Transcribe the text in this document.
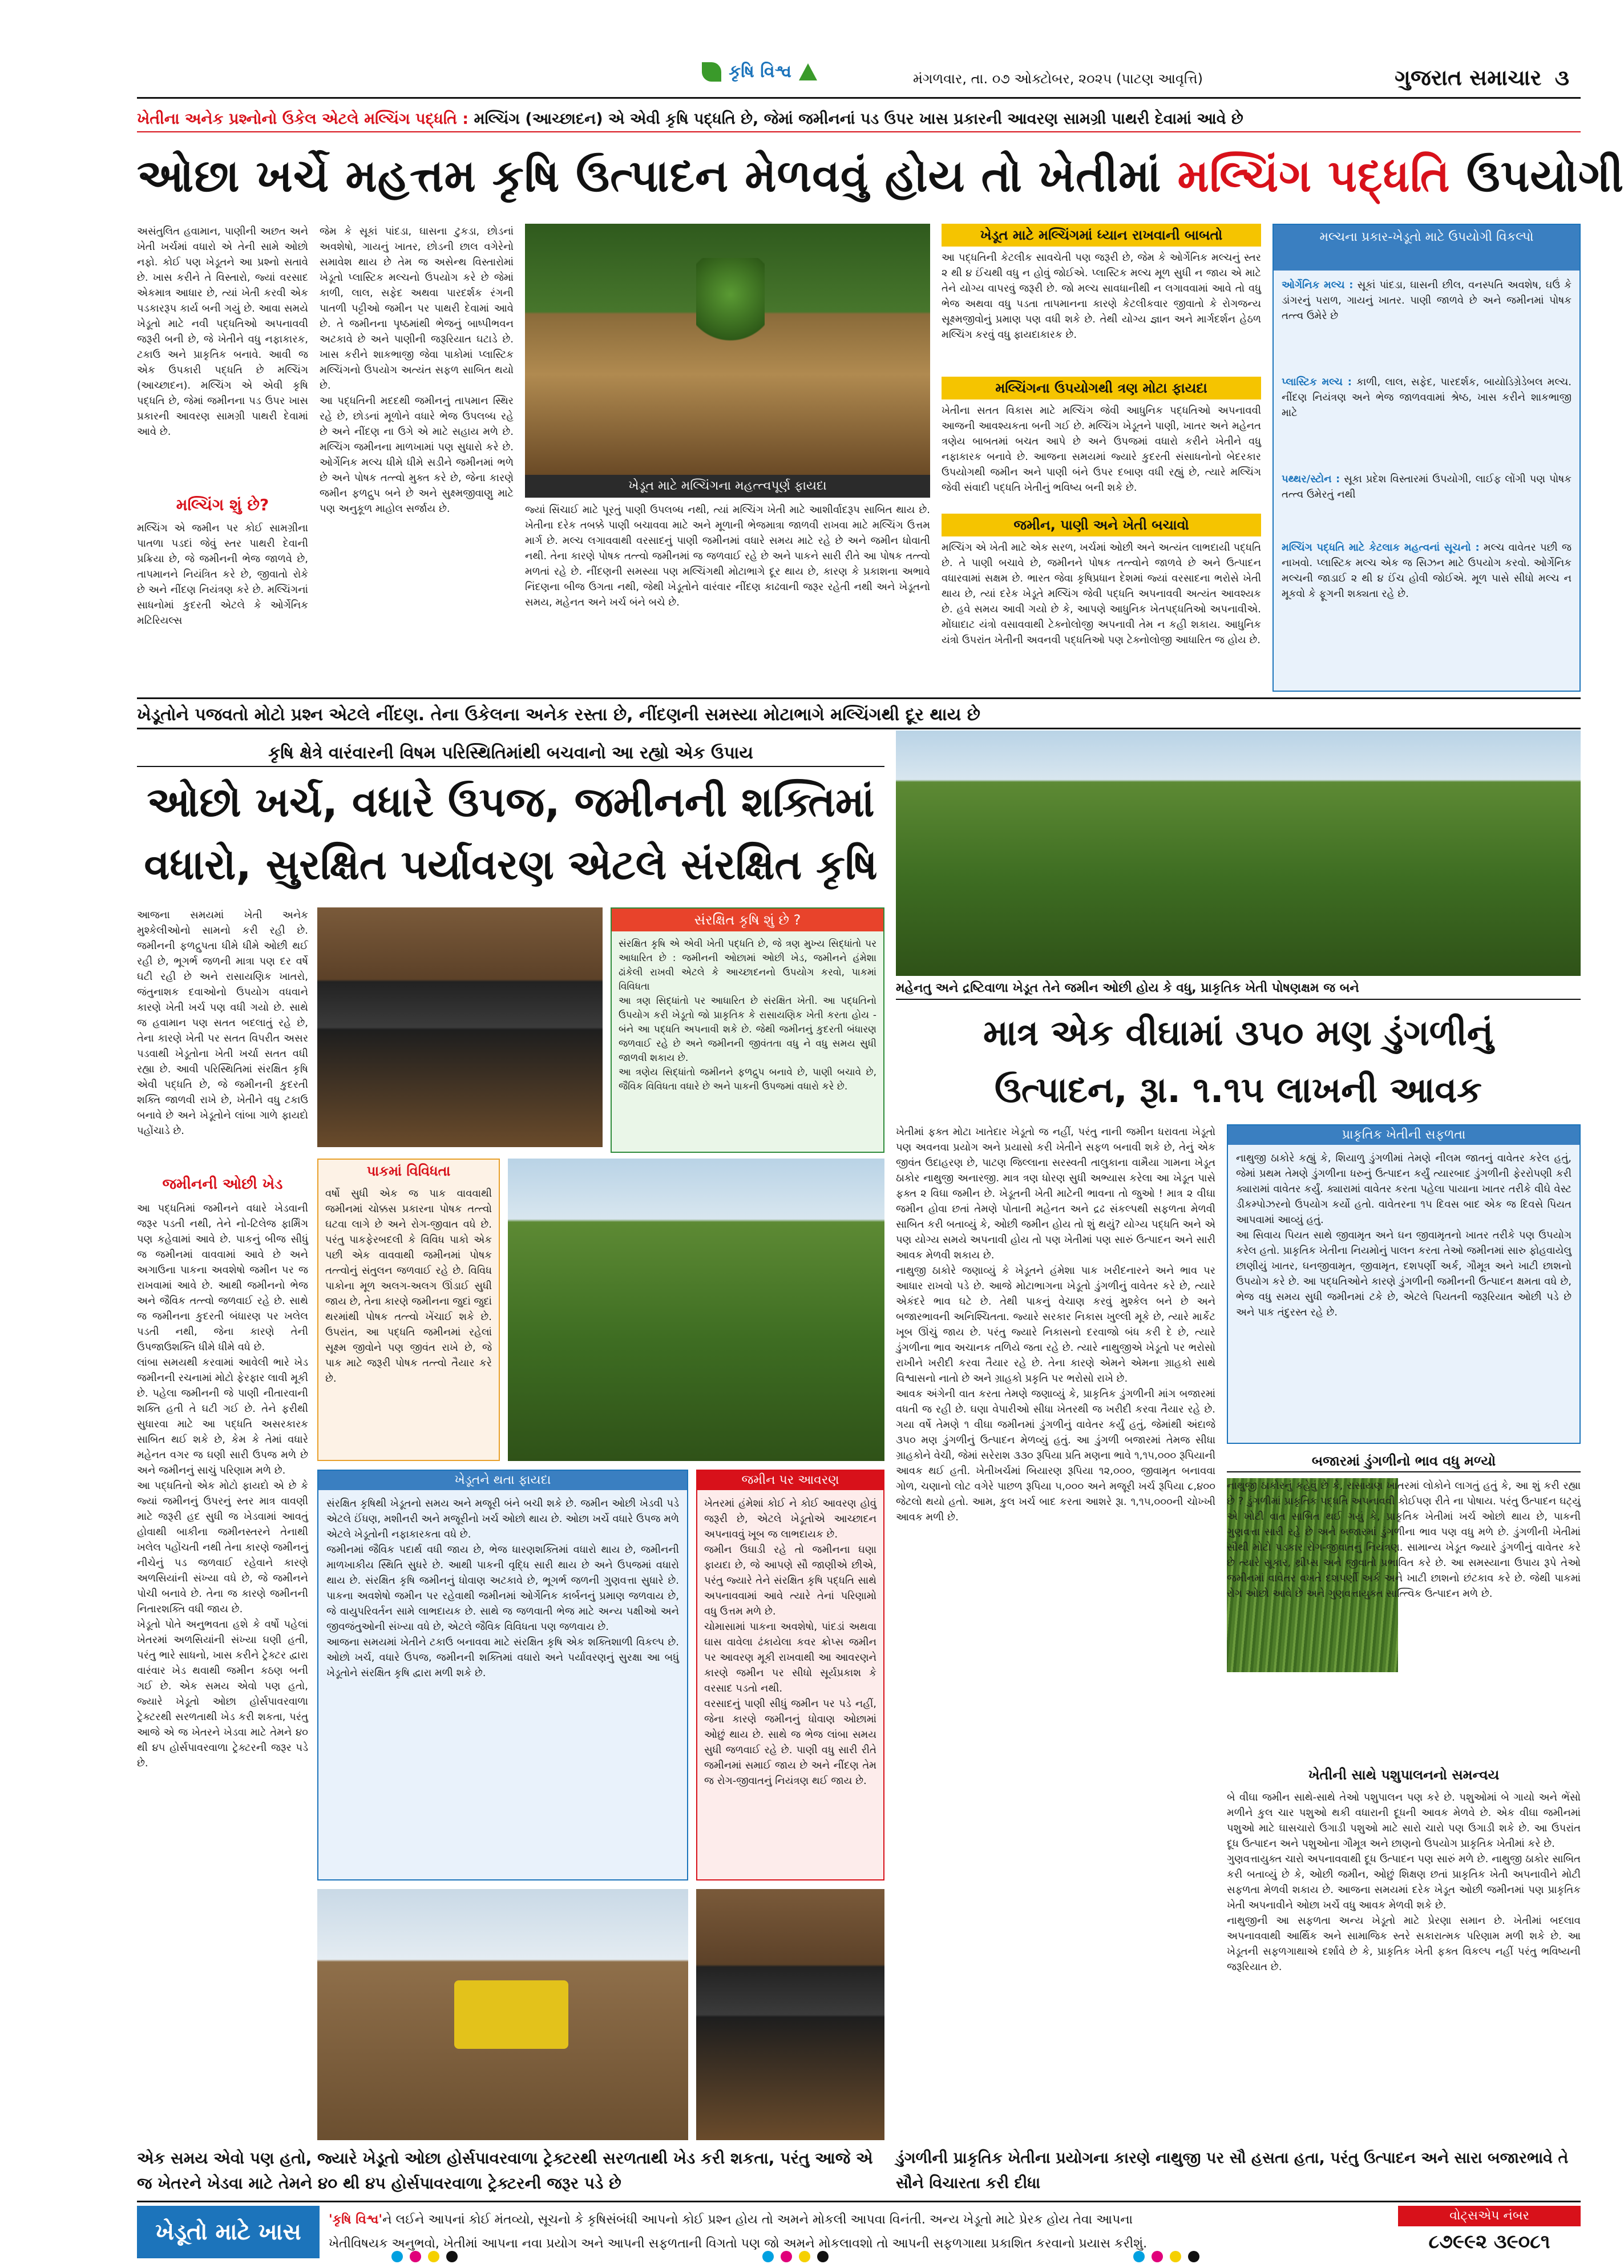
કૃષિ વિશ્વ	મંગળવાર, તા. ૦૭ ઓક્ટોબર, ૨૦૨૫ (પાટણ આવૃત્તિ)	ગુજરાત સમાચાર ૩
ખેતીના અનેક પ્રશ્નોનો ઉકેલ એટલે મલ્ચિંગ પદ્ધતિ : મલ્ચિંગ (આચ્છાદન) એ એવી કૃષિ પદ્ધતિ છે, જેમાં જમીનનાં પડ ઉપર ખાસ પ્રકારની આવરણ સામગ્રી પાથરી દેવામાં આવે છે
ઓછા ખર્ચે મહત્તમ કૃષિ ઉત્પાદન મેળવવું હોય તો ખેતીમાં મલ્ચિંગ પદ્ધતિ ઉપયોગી
અસંતુલિત હવામાન, પાણીની અછત અને ખેતી ખર્ચમાં વધારો એ તેની સામે ઓછો નફો. કોઈ પણ ખેડૂતને આ પ્રશ્નો સતાવે છે. ખાસ કરીને તે વિસ્તારો, જ્યાં વરસાદ એકમાત્ર આધાર છે, ત્યાં ખેતી કરવી એક પડકારરૂપ કાર્ય બની ગયું છે. આવા સમયે ખેડૂતો માટે નવી પદ્ધતિઓ અપનાવવી જરૂરી બની છે, જે ખેતીને વધુ નફાકારક, ટકાઉ અને પ્રાકૃતિક બનાવે. આવી જ એક ઉપકારી પદ્ધતિ છે મલ્ચિંગ (આચ્છાદન). મલ્ચિંગ એ એવી કૃષિ પદ્ધતિ છે, જેમાં જમીનના પડ ઉપર ખાસ પ્રકારની આવરણ સામગ્રી પાથરી દેવામાં આવે છે.
મલ્ચિંગ શું છે?
મલ્ચિંગ એ જમીન પર કોઈ સામગ્રીના પાતળા પડદાં જેવું સ્તર પાથરી દેવાની પ્રક્રિયા છે, જે જમીનની ભેજ જાળવે છે, તાપમાનને નિયંત્રિત કરે છે, જીવાતો રોકે છે અને નીંદણ નિયંત્રણ કરે છે. મલ્ચિંગનાં સાધનોમાં કુદરતી એટલે કે ઓર્ગેનિક મટિરિયલ્સ
જેમ કે સૂકાં પાંદડા, ઘાસના ટુકડા, છોડનાં અવશેષો, ગાયનું ખાતર, છોડની છાલ વગેરેનો સમાવેશ થાય છે તેમ જ અસેન્થ વિસ્તારોમાં ખેડૂતો પ્લાસ્ટિક મલ્ચનો ઉપયોગ કરે છે જેમાં કાળી, લાલ, સફેદ અથવા પારદર્શક રંગની પાતળી પટ્ટીઓ જમીન પર પાથરી દેવામાં આવે છે. તે જમીનના પૃષ્ઠમાંથી ભેજનું બાષ્પીભવન અટકાવે છે અને પાણીની જરૂરિયાત ઘટાડે છે. ખાસ કરીને શાકભાજી જેવા પાકોમાં પ્લાસ્ટિક મલ્ચિંગનો ઉપયોગ અત્યંત સફળ સાબિત થયો છે.
આ પદ્ધતિની મદદથી જમીનનું તાપમાન સ્થિર રહે છે, છોડનાં મૂળોને વધારે ભેજ ઉપલબ્ધ રહે છે અને નીંદણ ના ઉગે એ માટે સહાય મળે છે. મલ્ચિંગ જમીનના માળખામાં પણ સુધારો કરે છે. ઓર્ગેનિક મલ્ચ ધીમે ધીમે સડીને જમીનમાં ભળે છે અને પોષક તત્ત્વો મુક્ત કરે છે, જેના કારણે જમીન ફળદ્રુપ બને છે અને સુક્ષ્મજીવાણુ માટે પણ અનુકૂળ માહોલ સર્જાય છે.
ખેડૂત માટે મલ્ચિંગના મહત્ત્વપૂર્ણ ફાયદા
જ્યાં સિંચાઈ માટે પૂરતું પાણી ઉપલબ્ધ નથી, ત્યાં મલ્ચિંગ ખેતી માટે આશીર્વાદરૂપ સાબિત થાય છે. ખેતીના દરેક તબક્કે પાણી બચાવવા માટે અને મૂળાની ભેજમાત્રા જાળવી રાખવા માટે મલ્ચિંગ ઉત્તમ માર્ગ છે. મલ્ચ લગાવવાથી વરસાદનું પાણી જમીનમાં વધારે સમય માટે રહે છે અને જમીન ધોવાતી નથી. તેના કારણે પોષક તત્ત્વો જમીનમાં જ જળવાઈ રહે છે અને પાકને સારી રીતે આ પોષક તત્ત્વો મળતાં રહે છે. નીંદણની સમસ્યા પણ મલ્ચિંગથી મોટાભાગે દૂર થાય છે, કારણ કે પ્રકાશના અભાવે નિંદણના બીજ ઉગતા નથી, જેથી ખેડૂતોને વારંવાર નીંદણ કાઢવાની જરૂર રહેતી નથી અને ખેડૂતનો સમય, મહેનત અને ખર્ચ બંને બચે છે.
ખેડૂત માટે મલ્ચિંગમાં ધ્યાન રાખવાની બાબતો
આ પદ્ધતિની કેટલીક સાવચેતી પણ જરૂરી છે, જેમ કે ઓર્ગેનિક મલ્ચનું સ્તર ૨ થી ૪ ઈંચથી વધુ ન હોવું જોઈએ. પ્લાસ્ટિક મલ્ચ મૂળ સુધી ન જાય એ માટે તેને યોગ્ય વાપરવું જરૂરી છે. જો મલ્ચ સાવધાનીથી ન લગાવવામાં આવે તો વધુ ભેજ અથવા વધુ પડતા તાપમાનના કારણે કેટલીકવાર જીવાતો કે રોગજન્ય સૂક્ષ્મજીવોનું પ્રમાણ પણ વધી શકે છે. તેથી યોગ્ય જ્ઞાન અને માર્ગદર્શન હેઠળ મલ્ચિંગ કરવું વધુ ફાયદાકારક છે.
મલ્ચિંગના ઉપયોગથી ત્રણ મોટા ફાયદા
ખેતીના સતત વિકાસ માટે મલ્ચિંગ જેવી આધુનિક પદ્ધતિઓ અપનાવવી આજની આવશ્યકતા બની ગઈ છે. મલ્ચિંગ ખેડૂતને પાણી, ખાતર અને મહેનત ત્રણેય બાબતમાં બચત આપે છે અને ઉપજમાં વધારો કરીને ખેતીને વધુ નફાકારક બનાવે છે. આજના સમયમાં જ્યારે કુદરતી સંસાધનોનો બેદરકાર ઉપયોગથી જમીન અને પાણી બંને ઉપર દબાણ વધી રહ્યું છે, ત્યારે મલ્ચિંગ જેવી સંવાદી પદ્ધતિ ખેતીનું ભવિષ્ય બની શકે છે.
જમીન, પાણી અને ખેતી બચાવો
મલ્ચિંગ એ ખેતી માટે એક સરળ, ખર્ચમાં ઓછી અને અત્યંત લાભદાયી પદ્ધતિ છે. તે પાણી બચાવે છે, જમીનને પોષક તત્ત્વોને જાળવે છે અને ઉત્પાદન વધારવામાં સક્ષમ છે. ભારત જેવા કૃષિપ્રધાન દેશમાં જ્યાં વરસાદના ભરોસે ખેતી થાય છે, ત્યાં દરેક ખેડૂતે મલ્ચિંગ જેવી પદ્ધતિ અપનાવવી અત્યંત આવશ્યક છે. હવે સમય આવી ગયો છે કે, આપણે આધુનિક ખેતપદ્ધતિઓ અપનાવીએ. મોંઘાદાટ યંત્રો વસાવવાથી ટેક્નોલોજી અપનાવી તેમ ન કહી શકાય. આધુનિક યંત્રો ઉપરાંત ખેતીની અવનવી પદ્ધતિઓ પણ ટેક્નોલોજી આધારિત જ હોય છે.
મલ્ચના પ્રકાર-ખેડૂતો માટે ઉપયોગી વિકલ્પો
ઓર્ગેનિક મલ્ચ : સૂકાં પાંદડા, ઘાસની છીલ, વનસ્પતિ અવશેષ, ઘઉં કે ડાંગરનું પરાળ, ગાયનું ખાતર. પાણી જાળવે છે અને જમીનમાં પોષક તત્ત્વ ઉમેરે છે
પ્લાસ્ટિક મલ્ચ : કાળી, લાલ, સફેદ, પારદર્શક, બાયોડિગ્રેડેબલ મલ્ચ. નીંદણ નિયંત્રણ અને ભેજ જાળવવામાં શ્રેષ્ઠ, ખાસ કરીને શાકભાજી માટે
પથ્થર/સ્ટોન : સૂકા પ્રદેશ વિસ્તારમાં ઉપયોગી, લાઈફ લોંગી પણ પોષક તત્ત્વ ઉમેરતું નથી
મલ્ચિંગ પદ્ધતિ માટે કેટલાક મહત્વનાં સૂચનો : મલ્ચ વાવેતર પછી જ નાખવો. પ્લાસ્ટિક મલ્ચ એક જ સિઝન માટે ઉપયોગ કરવો. ઓર્ગેનિક મલ્ચની જાડાઈ ૨ થી ૪ ઈંચ હોવી જોઈએ. મૂળ પાસે સીધો મલ્ચ ન મૂકવો કે ફૂગની શક્યતા રહે છે.
ખેડૂતોને પજવતો મોટો પ્રશ્ન એટલે નીંદણ. તેના ઉકેલના અનેક રસ્તા છે, નીંદણની સમસ્યા મોટાભાગે મલ્ચિંગથી દૂર થાય છે
કૃષિ ક્ષેત્રે વારંવારની વિષમ પરિસ્થિતિમાંથી બચવાનો આ રહ્યો એક ઉપાય
ઓછો ખર્ચ, વધારે ઉપજ, જમીનની શક્તિમાં
વધારો, સુરક્ષિત પર્યાવરણ એટલે સંરક્ષિત કૃષિ
આજના સમયમાં ખેતી અનેક મુશ્કેલીઓનો સામનો કરી રહી છે. જમીનની ફળદ્રુપતા ધીમે ધીમે ઓછી થઈ રહી છે, ભૂગર્ભ જળની માત્રા પણ દર વર્ષે ઘટી રહી છે અને રાસાયણિક ખાતરો, જંતુનાશક દવાઓનો ઉપયોગ વધવાને કારણે ખેતી ખર્ચ પણ વધી ગયો છે. સાથે જ હવામાન પણ સતત બદલાતું રહે છે, તેના કારણે ખેતી પર સતત વિપરીત અસર પડવાથી ખેડૂતોના ખેતી ખર્ચા સતત વધી રહ્યા છે. આવી પરિસ્થિતિમાં સંરક્ષિત કૃષિ એવી પદ્ધતિ છે, જે જમીનની કુદરતી શક્તિ જાળવી રાખે છે, ખેતીને વધુ ટકાઉ બનાવે છે અને ખેડૂતોને લાંબા ગાળે ફાયદો પહોંચાડે છે.
જમીનની ઓછી ખેડ
આ પદ્ધતિમાં જમીનને વધારે ખેડવાની જરૂર પડતી નથી, તેને નો-ટિલેજ ફાર્મિંગ પણ કહેવામાં આવે છે. પાકનું બીજ સીધું જ જમીનમાં વાવવામાં આવે છે અને અગાઉના પાકના અવશેષો જમીન પર જ રાખવામાં આવે છે. આથી જમીનનો ભેજ અને જૈવિક તત્ત્વો જળવાઈ રહે છે. સાથે જ જમીનના કુદરતી બંધારણ પર ખલેલ પડતી નથી, જેના કારણે તેની ઉપજાઉશક્તિ ધીમે ધીમે વધે છે.
લાંબા સમયથી કરવામાં આવેલી ભારે ખેડ જમીનની રચનામાં મોટો ફેરફાર લાવી મૂકી છે. પહેલા જમીનની જે પાણી નીતારવાની શક્તિ હતી તે ઘટી ગઈ છે. તેને ફરીથી સુધારવા માટે આ પદ્ધતિ અસરકારક સાબિત થઈ શકે છે, કેમ કે તેમાં વધારે મહેનત વગર જ ઘણી સારી ઉપજ મળે છે અને જમીનનું સાચું પરિણામ મળે છે.
આ પદ્ધતિનો એક મોટો ફાયદો એ છે કે જ્યાં જમીનનું ઉપરનું સ્તર માત્ર વાવણી માટે જરૂરી હદ સુધી જ ખેડવામાં આવતું હોવાથી બાકીના જમીનસ્તરને તેનાથી ખલેલ પહોંચતી નથી તેના કારણે જમીનનું નીચેનું પડ જળવાઈ રહેવાને કારણે અળસિયાંની સંખ્યા વધે છે, જે જમીનને પોચી બનાવે છે. તેના જ કારણે જમીનની નિતારશક્તિ વધી જાય છે.
ખેડૂતો પોતે અનુભવતા હશે કે વર્ષો પહેલાં ખેતરમાં અળસિયાંની સંખ્યા ઘણી હતી, પરંતુ ભારે સાધનો, ખાસ કરીને ટ્રેક્ટર દ્વારા વારંવાર ખેડ થવાથી જમીન કઠણ બની ગઈ છે. એક સમય એવો પણ હતો, જ્યારે ખેડૂતો ઓછા હોર્સપાવરવાળા ટ્રેક્ટરથી સરળતાથી ખેડ કરી શકતા, પરંતુ આજે એ જ ખેતરને ખેડવા માટે તેમને ૪૦ થી ૪૫ હોર્સપાવરવાળા ટ્રેક્ટરની જરૂર પડે છે.
સંરક્ષિત કૃષિ શું છે ?
સંરક્ષિત કૃષિ એ એવી ખેતી પદ્ધતિ છે, જે ત્રણ મુખ્ય સિદ્ધાંતો પર આધારિત છે : જમીનની ઓછામાં ઓછી ખેડ, જમીનને હંમેશા ઢાંકેલી રાખવી એટલે કે આચ્છાદનનો ઉપયોગ કરવો, પાકમાં વિવિધતા
આ ત્રણ સિદ્ધાંતો પર આધારિત છે સંરક્ષિત ખેતી. આ પદ્ધતિનો ઉપયોગ કરી ખેડૂતો જો પ્રાકૃતિક કે રાસાયણિક ખેતી કરતા હોય - બંને આ પદ્ધતિ અપનાવી શકે છે. જેથી જમીનનું કુદરતી બંધારણ જળવાઈ રહે છે અને જમીનની જીવંતતા વધુ ને વધુ સમય સુધી જાળવી શકાય છે.
આ ત્રણેય સિદ્ધાંતો જમીનને ફળદ્રુપ બનાવે છે, પાણી બચાવે છે, જૈવિક વિવિધતા વધારે છે અને પાકની ઉપજમાં વધારો કરે છે.
પાકમાં વિવિધતા
વર્ષો સુધી એક જ પાક વાવવાથી જમીનમાં ચોક્કસ પ્રકારના પોષક તત્ત્વો ઘટવા લાગે છે અને રોગ-જીવાત વધે છે. પરંતુ પાકફેરબદલી કે વિવિધ પાકો એક પછી એક વાવવાથી જમીનમાં પોષક તત્ત્વોનું સંતુલન જળવાઈ રહે છે. વિવિધ પાકોના મૂળ અલગ-અલગ ઊંડાઈ સુધી જાય છે, તેના કારણે જમીનના જુદાં જુદાં થરમાંથી પોષક તત્ત્વો ખેંચાઈ શકે છે. ઉપરાંત, આ પદ્ધતિ જમીનમાં રહેલાં સૂક્ષ્મ જીવોને પણ જીવંત રાખે છે, જે પાક માટે જરૂરી પોષક તત્ત્વો તૈયાર કરે છે.
ખેડૂતને થતા ફાયદા
સંરક્ષિત કૃષિથી ખેડૂતનો સમય અને મજૂરી બંને બચી શકે છે. જમીન ઓછી ખેડવી પડે એટલે ઈંધણ, મશીનરી અને મજૂરીનો ખર્ચ ઓછો થાય છે. ઓછા ખર્ચે વધારે ઉપજ મળે એટલે ખેડૂતોની નફાકારકતા વધે છે.
જમીનમાં જૈવિક પદાર્થ વધી જાય છે, ભેજ ધારણશક્તિમાં વધારો થાય છે, જમીનની માળખાકીય સ્થિતિ સુધરે છે. આથી પાકની વૃદ્ધિ સારી થાય છે અને ઉપજમાં વધારો થાય છે. સંરક્ષિત કૃષિ જમીનનું ધોવાણ અટકાવે છે, ભૂગર્ભ જળની ગુણવત્તા સુધારે છે. પાકના અવશેષો જમીન પર રહેવાથી જમીનમાં ઓર્ગેનિક કાર્બનનું પ્રમાણ જળવાય છે, જે વાયુપરિવર્તન સામે લાભદાયક છે. સાથે જ જળવાતી ભેજ માટે અન્ય પક્ષીઓ અને જીવજંતુઓની સંખ્યા વધે છે, એટલે જૈવિક વિવિધતા પણ જળવાય છે.
આજના સમયમાં ખેતીને ટકાઉ બનાવવા માટે સંરક્ષિત કૃષિ એક શક્તિશાળી વિકલ્પ છે. ઓછો ખર્ચ, વધારે ઉપજ, જમીનની શક્તિમાં વધારો અને પર્યાવરણનું સુરક્ષા આ બધું ખેડૂતોને સંરક્ષિત કૃષિ દ્વારા મળી શકે છે.
જમીન પર આવરણ
ખેતરમાં હંમેશાં કોઈ ને કોઈ આવરણ હોવું જરૂરી છે, એટલે ખેડૂતોએ આચ્છાદન અપનાવવું ખૂબ જ લાભદાયક છે.
જમીન ઉઘાડી રહે તો જમીનના ઘણા ફાયદા છે, જે આપણે સૌ જાણીએ છીએ, પરંતુ જ્યારે તેને સંરક્ષિત કૃષિ પદ્ધતિ સાથે અપનાવવામાં આવે ત્યારે તેનાં પરિણામો વધુ ઉત્તમ મળે છે.
ચોમાસામાં પાકના અવશેષો, પાંદડાં અથવા ઘાસ વાવેલા ઢંકાયેલા કવર ક્રોપ્સ જમીન પર આવરણ મૂકી રાખવાથી આ આવરણને કારણે જમીન પર સીધો સૂર્યપ્રકાશ કે વરસાદ પડતો નથી.
વરસાદનું પાણી સીધું જમીન પર પડે નહીં, જેના કારણે જમીનનું ધોવાણ ઓછામાં ઓછું થાય છે. સાથે જ ભેજ લાંબા સમય સુધી જળવાઈ રહે છે. પાણી વધુ સારી રીતે જમીનમાં સમાઈ જાય છે અને નીંદણ તેમ જ રોગ-જીવાતનું નિયંત્રણ થઈ જાય છે.
એક સમય એવો પણ હતો, જ્યારે ખેડૂતો ઓછા હોર્સપાવરવાળા ટ્રેક્ટરથી સરળતાથી ખેડ કરી શકતા, પરંતુ આજે એ જ ખેતરને ખેડવા માટે તેમને ૪૦ થી ૪૫ હોર્સપાવરવાળા ટ્રેક્ટરની જરૂર પડે છે
મહેનતુ અને દ્રષ્ટિવાળા ખેડૂત તેને જમીન ઓછી હોય કે વધુ, પ્રાકૃતિક ખેતી પોષણક્ષમ જ બને
માત્ર એક વીઘામાં ૩૫૦ મણ ડુંગળીનું
ઉત્પાદન, રૂા. ૧.૧૫ લાખની આવક
ખેતીમાં ફક્ત મોટા ખાતેદાર ખેડૂતો જ નહીં, પરંતુ નાની જમીન ધરાવતા ખેડૂતો પણ અવનવા પ્રયોગ અને પ્રયાસો કરી ખેતીને સફળ બનાવી શકે છે, તેનું એક જીવંત ઉદાહરણ છે, પાટણ જિલ્લાના સરસ્વતી તાલુકાના વામૈયા ગામના ખેડૂત ઠાકોર નાથુજી અનારજી. માત્ર ત્રણ ધોરણ સુધી અભ્યાસ કરેલા આ ખેડૂત પાસે ફક્ત ૨ વિઘા જમીન છે. ખેડૂતની ખેતી માટેની ભાવના તો જુઓ ! માત્ર ૨ વીઘા જમીન હોવા છતાં તેમણે પોતાની મહેનત અને દ્રઢ સંકલ્પથી સફળતા મેળવી સાબિત કરી બતાવ્યું કે, ઓછી જમીન હોય તો શું થયું? યોગ્ય પદ્ધતિ અને એ પણ યોગ્ય સમયે અપનાવી હોય તો પણ ખેતીમાં પણ સારું ઉત્પાદન અને સારી આવક મેળવી શકાય છે.
નાથુજી ઠાકોરે જણાવ્યું કે ખેડૂતને હંમેશા પાક ખરીદનારને અને ભાવ પર આધાર રાખવો પડે છે. આજે મોટાભાગના ખેડૂતો ડુંગળીનું વાવેતર કરે છે, ત્યારે એકંદરે ભાવ ઘટે છે. તેથી પાકનું વેચાણ કરવું મુશ્કેલ બને છે અને બજારભાવની અનિશ્ચિતતા. જ્યારે સરકાર નિકાસ ખુલ્લી મૂકે છે, ત્યારે માર્કેટ ખૂબ ઊંચું જાય છે. પરંતુ જ્યારે નિકાસનો દરવાજો બંધ કરી દે છે, ત્યારે ડુંગળીના ભાવ અચાનક તળિયે જતા રહે છે. ત્યારે નાથુજીએ ખેડૂતો પર ભરોસો રાખીને ખરીદી કરવા તૈયાર રહે છે. તેના કારણે એમને એમના ગ્રાહકો સાથે વિશ્વાસનો નાતો છે અને ગ્રાહકો પ્રકૃતિ પર ભરોસો રાખે છે.
આવક અંગેની વાત કરતા તેમણે જણાવ્યું કે, પ્રાકૃતિક ડુંગળીની માંગ બજારમાં વધતી જ રહી છે. ઘણા વેપારીઓ સીધા ખેતરથી જ ખરીદી કરવા તૈયાર રહે છે. ગયા વર્ષે તેમણે ૧ વીઘા જમીનમાં ડુંગળીનું વાવેતર કર્યું હતું, જેમાંથી અંદાજે ૩૫૦ મણ ડુંગળીનું ઉત્પાદન મેળવ્યું હતું. આ ડુંગળી બજારમાં તેમજ સીધા ગ્રાહકોને વેચી, જેમાં સરેરાશ ૩૩૦ રૂપિયા પ્રતિ મણના ભાવે ૧,૧૫,૦૦૦ રૂપિયાની આવક થઈ હતી. ખેતીખર્ચમાં બિયારણ રૂપિયા ૧૨,૦૦૦, જીવામૃત બનાવવા ગોળ, ચણાનો લોટ વગેરે પાછળ રૂપિયા ૫,૦૦૦ અને મજૂરી ખર્ચ રૂપિયા ૮,૪૦૦ જેટલો થયો હતો. આમ, કુલ ખર્ચ બાદ કરતા આશરે રૂા. ૧,૧૫,૦૦૦ની ચોખ્ખી આવક મળી છે.
પ્રાકૃતિક ખેતીની સફળતા
નાથુજી ઠાકોરે કહ્યું કે, શિયાળુ ડુંગળીમાં તેમણે નીલમ જાતનું વાવેતર કરેલ હતું, જેમાં પ્રથમ તેમણે ડુંગળીના ધરુનું ઉત્પાદન કર્યું ત્યારબાદ ડુંગળીની ફેરરોપણી કરી ક્યારામાં વાવેતર કર્યું. ક્યારામાં વાવેતર કરતા પહેલા પાયાના ખાતર તરીકે વીઘે વેસ્ટ ડીકમ્પોઝરનો ઉપયોગ કર્યો હતો. વાવેતરના ૧૫ દિવસ બાદ એક જ દિવસે પિયત આપવામાં આવ્યું હતું.
આ સિવાય પિયત સાથે જીવામૃત અને ઘન જીવામૃતનો ખાતર તરીકે પણ ઉપયોગ કરેલ હતો. પ્રાકૃતિક ખેતીના નિયમોનું પાલન કરતા તેઓ જમીનમાં સારુ ફોહવાયેલુ છાણીયું ખાતર, ઘનજીવામૃત, જીવામૃત, દશપર્ણી અર્ક, ગૌમૂત્ર અને ખાટી છાશનો ઉપયોગ કરે છે. આ પદ્ધતિઓને કારણે ડુંગળીની જમીનની ઉત્પાદન ક્ષમતા વધે છે, ભેજ વધુ સમય સુધી જમીનમાં ટકે છે, એટલે પિયતની જરૂરિયાત ઓછી પડે છે અને પાક તંદુરસ્ત રહે છે.
બજારમાં ડુંગળીનો ભાવ વધુ મળ્યો
નાથુજી ઠાકોરનું કહેવું છે કે, રાસાયણ ખાતરમાં લોકોને લાગતું હતું કે, આ શું કરી રહ્યા છે ? ડુંગળીમાં પ્રાકૃતિક પદ્ધતિ અપનાવવી કોઈપણ રીતે ના પોષાય. પરંતુ ઉત્પાદન ઘટ્યું એ ખોટી વાત સાબિત થઈ ગયું કે, પ્રાકૃતિક ખેતીમાં ખર્ચ ઓછો થાય છે, પાકની ગુણવત્તા સારી રહે છે અને બજારમાં ડુંગળીના ભાવ પણ વધુ મળે છે. ડુંગળીની ખેતીમાં સૌથી મોટો પડકાર રોગ-જીવાતનું નિયંત્રણ. સામાન્ય ખેડૂત જ્યારે ડુંગળીનું વાવેતર કરે છે ત્યારે સૂકાર, થ્રીપ્સ અને જીવાતો પ્રભાવિત કરે છે. આ સમસ્યાના ઉપાય રૂપે તેઓ જમીનમાં વાવેતર વખતે દશપર્ણી અર્ક અને ખાટી છાશનો છંટકાવ કરે છે. જેથી પાકમાં રોગ ઓછો આવે છે અને ગુણવત્તાયુક્ત સાત્ત્વિક ઉત્પાદન મળે છે.
ખેતીની સાથે પશુપાલનનો સમન્વય
બે વીઘા જમીન સાથે-સાથે તેઓ પશુપાલન પણ કરે છે. પશુઓમાં બે ગાયો અને ભેંસો મળીને કુલ ચાર પશુઓ થકી વધારાની દૂધની આવક મેળવે છે. એક વીઘા જમીનમાં પશુઓ માટે ઘાસચારો ઉગાડી પશુઓ માટે સારો ચારો પણ ઉગાડી શકે છે. આ ઉપરાંત દૂધ ઉત્પાદન અને પશુઓના ગૌમૂત્ર અને છાણનો ઉપયોગ પ્રાકૃતિક ખેતીમાં કરે છે.
ગુણવત્તાયુક્ત ચારો અપનાવવાથી દૂધ ઉત્પાદન પણ સારું મળે છે. નાથુજી ઠાકોર સાબિત કરી બતાવ્યું છે કે, ઓછી જમીન, ઓછું શિક્ષણ છતાં પ્રાકૃતિક ખેતી અપનાવીને મોટી સફળતા મેળવી શકાય છે. આજના સમયમાં દરેક ખેડૂત ઓછી જમીનમાં પણ પ્રાકૃતિક ખેતી અપનાવીને ઓછા ખર્ચે વધુ આવક મેળવી શકે છે.
નાથુજીની આ સફળતા અન્ય ખેડૂતો માટે પ્રેરણા સમાન છે. ખેતીમાં બદલાવ અપનાવવાથી આર્થિક અને સામાજિક સ્તરે સકારાત્મક પરિણામ મળી શકે છે. આ ખેડૂતની સફળગાથાએ દર્શાવે છે કે, પ્રાકૃતિક ખેતી ફક્ત વિકલ્પ નહીં પરંતુ ભવિષ્યની જરૂરિયાત છે.
ડુંગળીની પ્રાકૃતિક ખેતીના પ્રયોગના કારણે નાથુજી પર સૌ હસતા હતા, પરંતુ ઉત્પાદન અને સારા બજારભાવે તે સૌને વિચારતા કરી દીધા
ખેડૂતો માટે ખાસ	'કૃષિ વિશ્વ'ને લઈને આપનાં કોઈ મંતવ્યો, સૂચનો કે કૃષિસંબંધી આપનો કોઈ પ્રશ્ન હોય તો અમને મોકલી આપવા વિનંતી. અન્ય ખેડૂતો માટે પ્રેરક હોય તેવા આપના
ખેતીવિષયક અનુભવો, ખેતીમાં આપના નવા પ્રયોગ અને આપની સફળતાની વિગતો પણ જો અમને મોકલાવશો તો આપની સફળગાથા પ્રકાશિત કરવાનો પ્રયાસ કરીશું.
વોટ્સએપ નંબર
૮૭૯૯૨ ૩૯૦૮૧
